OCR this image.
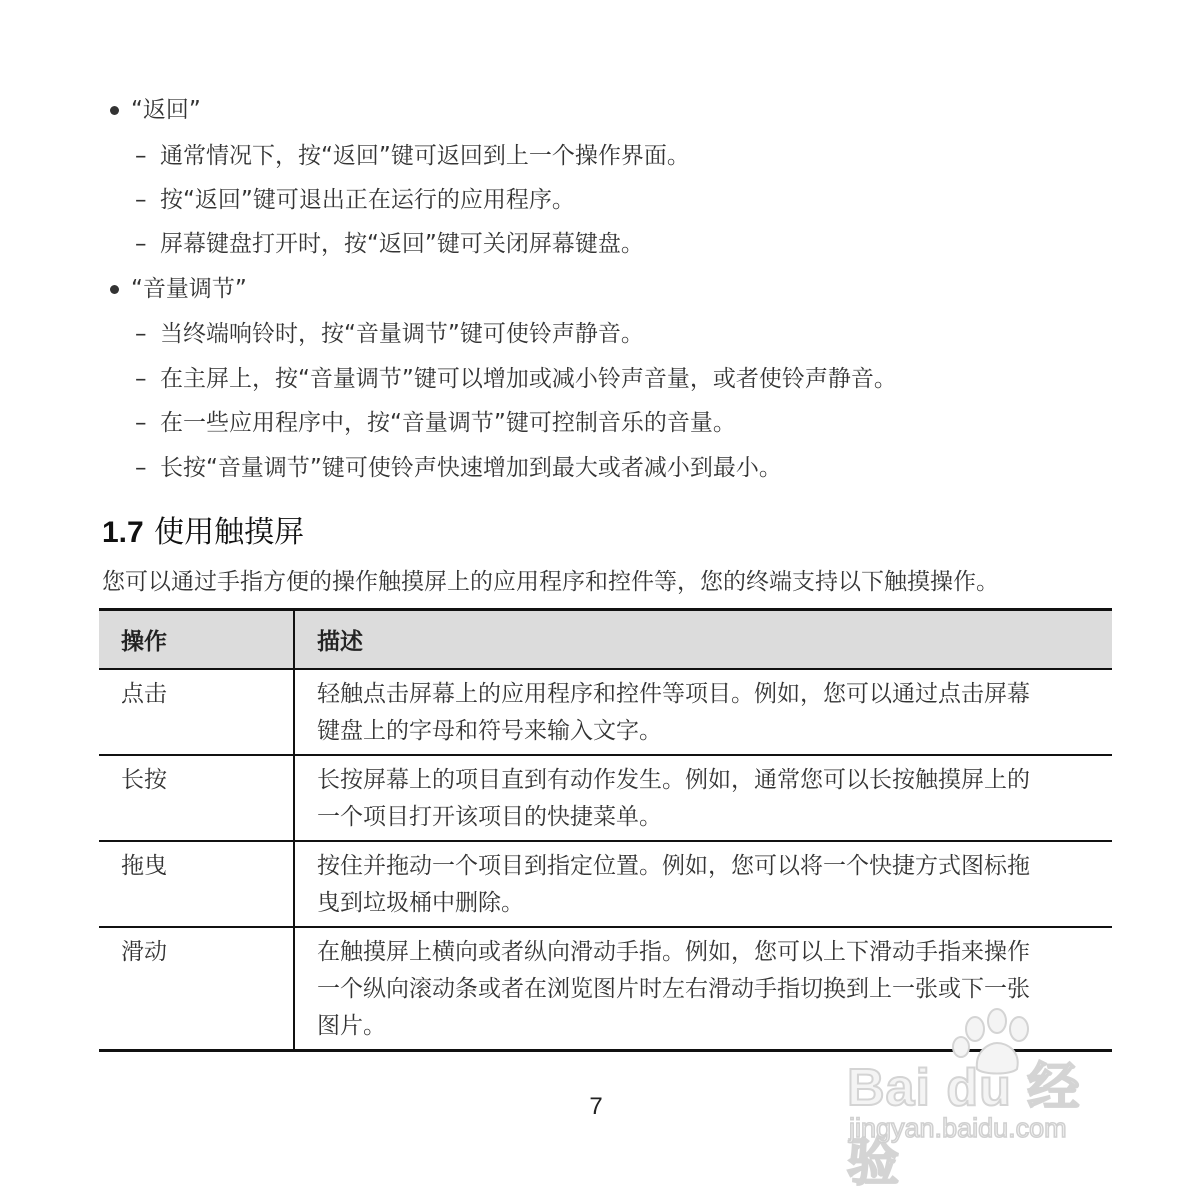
“返回”
– 通常情况下，按“返回”键可返回到上一个操作界面。
– 按“返回”键可退出正在运行的应用程序。
– 屏幕键盘打开时，按“返回”键可关闭屏幕键盘。
“音量调节”
– 当终端响铃时，按“音量调节”键可使铃声静音。
– 在主屏上，按“音量调节”键可以增加或减小铃声音量，或者使铃声静音。
– 在一些应用程序中，按“音量调节”键可控制音乐的音量。
– 长按“音量调节”键可使铃声快速增加到最大或者减小到最小。
1.7 使用触摸屏
您可以通过手指方便的操作触摸屏上的应用程序和控件等，您的终端支持以下触摸操作。
操作	描述
点击	轻触点击屏幕上的应用程序和控件等项目。例如，您可以通过点击屏幕
键盘上的字母和符号来输入文字。

长按	长按屏幕上的项目直到有动作发生。例如，通常您可以长按触摸屏上的
一个项目打开该项目的快捷菜单。

拖曳	按住并拖动一个项目到指定位置。例如，您可以将一个快捷方式图标拖
曳到垃圾桶中删除。

滑动	在触摸屏上横向或者纵向滑动手指。例如，您可以上下滑动手指来操作
一个纵向滚动条或者在浏览图片时左右滑动手指切换到上一张或下一张
图片。
7	Bai du 经验
jingyan.baidu.com
